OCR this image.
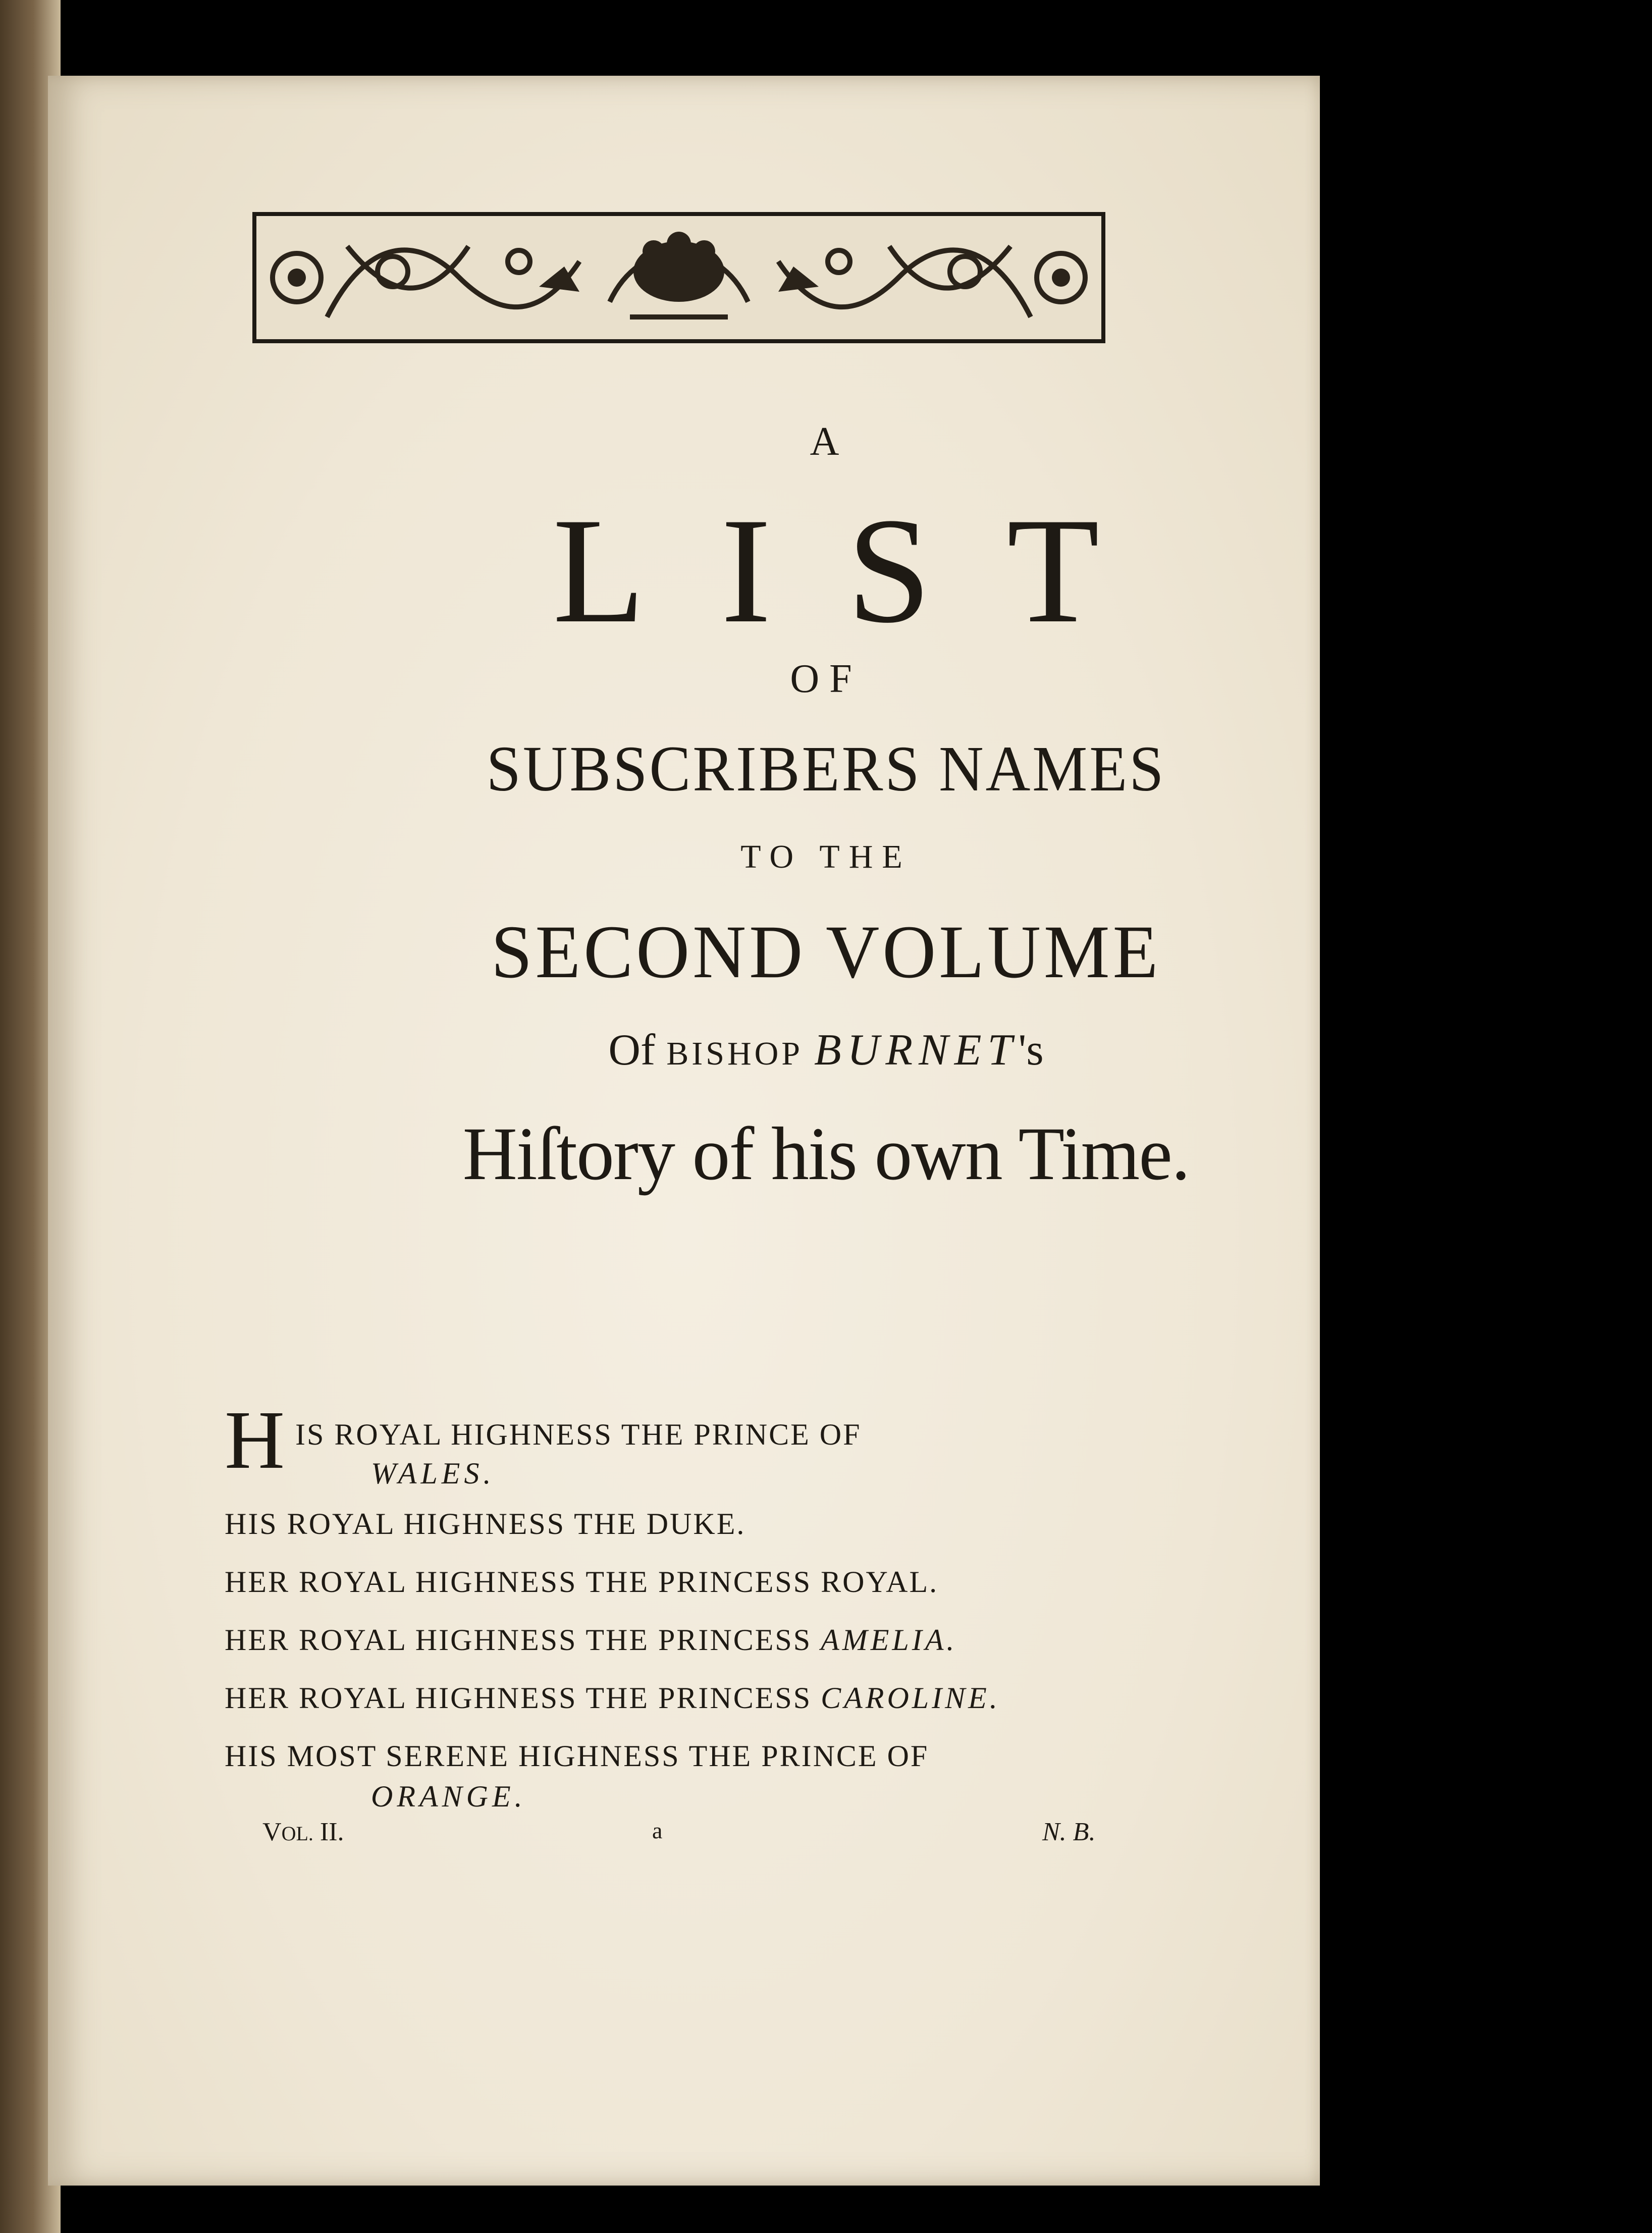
A
LIST
OF
SUBSCRIBERS NAMES
TO THE
SECOND VOLUME
Of BISHOP BURNET's
Hiſtory of his own Time.
H IS ROYAL HIGHNESS THE PRINCE OF
WALES.
HIS ROYAL HIGHNESS THE DUKE.
HER ROYAL HIGHNESS THE PRINCESS ROYAL.
HER ROYAL HIGHNESS THE PRINCESS AMELIA.
HER ROYAL HIGHNESS THE PRINCESS CAROLINE.
HIS MOST SERENE HIGHNESS THE PRINCE OF
ORANGE.
VOL. II.	a	N. B.
